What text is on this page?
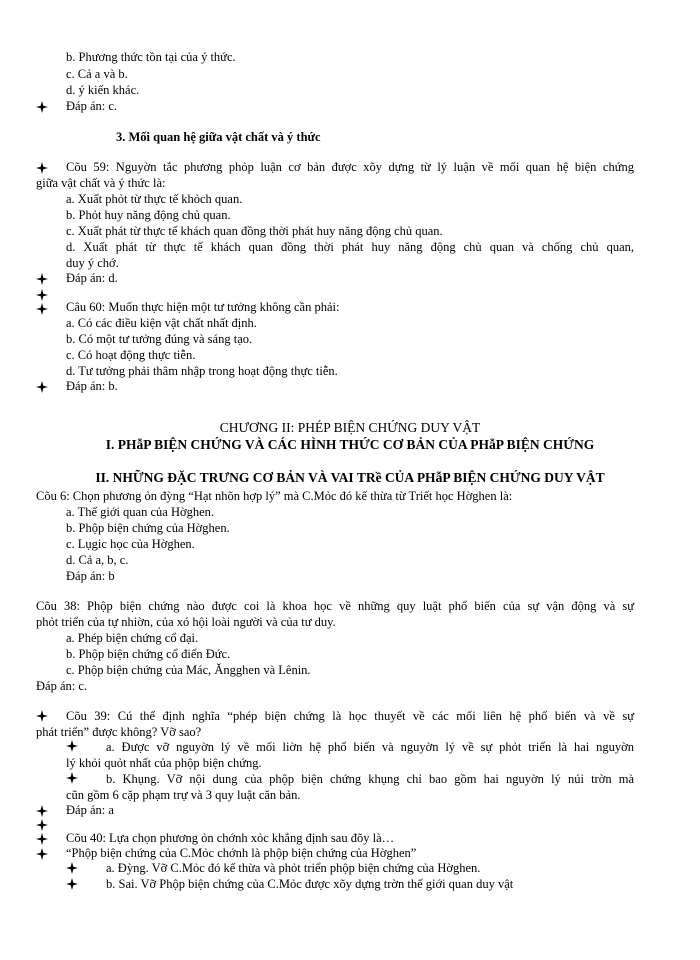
b. Phương thức tồn tại của ý thức.
c. Cả a và b.
d. ý kiến khác.
Đáp án: c.
3. Mối quan hệ giữa vật chất và ý thức
Cõu 59: Nguyờn tắc phương phỏp luận cơ bản được xõy dựng từ lý luận về mối quan hệ biện chứng
giữa vật chất và ý thức là:
a. Xuất phỏt từ thực tế khỏch quan.
b. Phỏt huy năng động chủ quan.
c. Xuất phát từ thực tế khách quan đồng thời phát huy năng động chủ quan.
d. Xuất phát từ thực tế khách quan đồng thời phát huy năng động chủ quan và chống chủ quan,
duy ý chớ.
Đáp án: d.
Câu 60: Muốn thực hiện một tư tưởng không cần phải:
a. Có các điều kiện vật chất nhất định.
b. Có một tư tưởng đúng và sáng tạo.
c. Có hoạt động thực tiễn.
d. Tư tưởng phải thâm nhập trong hoạt động thực tiễn.
Đáp án: b.
CHƯƠNG II: PHÉP BIỆN CHỨNG DUY VẬT
I. PHẫP BIỆN CHỨNG VÀ CÁC HÌNH THỨC CƠ BẢN CỦA PHẫP BIỆN CHỨNG
II. NHỮNG ĐẶC TRƯNG CƠ BẢN VÀ VAI TRề CỦA PHẫP BIỆN CHỨNG DUY VẬT
Cõu 6: Chọn phương ỏn đỳng “Hạt nhõn hợp lý” mà C.Mỏc đó kế thừa từ Triết học Hờghen là:
a. Thế giới quan của Hờghen.
b. Phộp biện chứng của Hờghen.
c. Lụgic học của Hờghen.
d. Cả a, b, c.
Đáp án: b
Cõu 38: Phộp biện chứng nào được coi là khoa học về những quy luật phổ biến của sự vận động và sự
phỏt triển của tự nhiờn, của xó hội loài người và của tư duy.
a. Phép biện chứng cổ đại.
b. Phộp biện chứng cổ điển Đức.
c. Phộp biện chứng của Mác, Ăngghen và Lênin.
Đáp án: c.
Cõu 39: Cú thể định nghĩa “phép biện chứng là học thuyết về các mối liên hệ phổ biến và về sự
phát triển” được không? Vỡ sao?
a. Được vỡ nguyờn lý về mối liờn hệ phổ biến và nguyờn lý về sự phỏt triển là hai nguyờn
lý khỏi quỏt nhất của phộp biện chứng.
b. Khụng. Vỡ nội dung của phộp biện chứng khụng chỉ bao gồm hai nguyờn lý núi trờn mà
cũn gồm 6 cặp phạm trự và 3 quy luật căn bản.
Đáp án: a
Cõu 40: Lựa chọn phương ỏn chớnh xỏc khẳng định sau đõy là…
“Phộp biện chứng của C.Mỏc chớnh là phộp biện chứng của Hờghen”
a. Đỳng. Vỡ C.Mỏc đó kế thừa và phỏt triển phộp biện chứng của Hờghen.
b. Sai. Vỡ Phộp biện chứng của C.Mỏc được xõy dựng trờn thế giới quan duy vật
